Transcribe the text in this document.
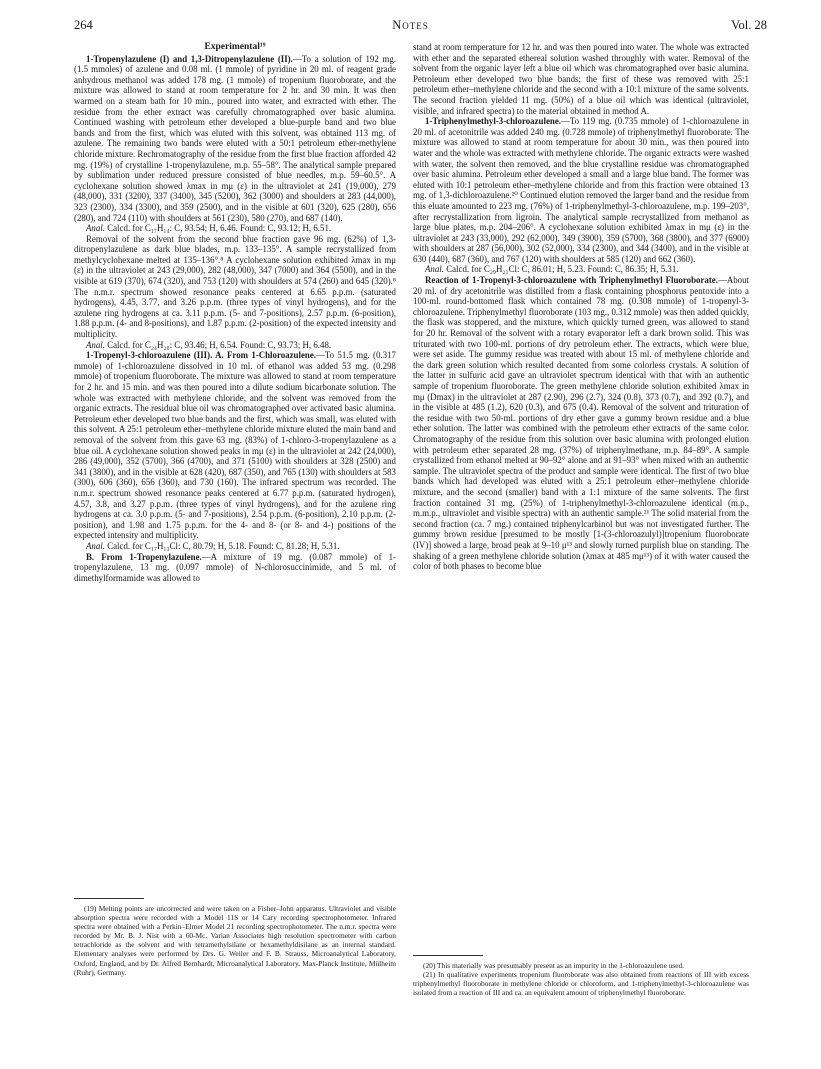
264	Notes	Vol. 28
Experimental¹⁹

1-Tropenylazulene (I) and 1,3-Ditropenylazulene (II).—To a solution of 192 mg. (1.5 mmoles) of azulene and 0.08 ml. (1 mmole) of pyridine in 20 ml. of reagent grade anhydrous methanol was added 178 mg. (1 mmole) of tropenium fluoroborate, and the mixture was allowed to stand at room temperature for 2 hr. and 30 min. It was then warmed on a steam bath for 10 min., poured into water, and extracted with ether. The residue from the ether extract was carefully chromatographed over basic alumina. Continued washing with petroleum ether developed a blue-purple band and two blue bands and from the first, which was eluted with this solvent, was obtained 113 mg. of azulene. The remaining two bands were eluted with a 50:1 petroleum ether-methylene chloride mixture. Rechromatography of the residue from the first blue fraction afforded 42 mg. (19%) of crystalline 1-tropenylazulene, m.p. 55–58°. The analytical sample prepared by sublimation under reduced pressure consisted of blue needles, m.p. 59–60.5°. A cyclohexane solution showed λmax in mμ (ε) in the ultraviolet at 241 (19,000), 279 (48,000), 331 (3200), 337 (3400), 345 (5200), 362 (3000) and shoulders at 283 (44,000), 323 (2300), 334 (3300), and 359 (2500), and in the visible at 601 (320), 625 (280), 656 (280), and 724 (110) with shoulders at 561 (230), 580 (270), and 687 (140).

Anal. Calcd. for C₁₇H₁₄: C, 93.54; H, 6.46. Found: C, 93.12; H, 6.51.

Removal of the solvent from the second blue fraction gave 96 mg. (62%) of 1,3-ditropenylazulene as dark blue blades, m.p. 133–135°. A sample recrystallized from methylcyclohexane melted at 135–136°.⁸ A cyclohexane solution exhibited λmax in mμ (ε) in the ultraviolet at 243 (29,000), 282 (48,000), 347 (7000) and 364 (5500), and in the visible at 619 (370), 674 (320), and 753 (120) with shoulders at 574 (260) and 645 (320).⁸ The n.m.r. spectrum showed resonance peaks centered at 6.65 p.p.m. (saturated hydrogens), 4.45, 3.77, and 3.26 p.p.m. (three types of vinyl hydrogens), and for the azulene ring hydrogens at ca. 3.11 p.p.m. (5- and 7-positions), 2.57 p.p.m. (6-position), 1.88 p.p.m. (4- and 8-positions), and 1.87 p.p.m. (2-position) of the expected intensity and multiplicity.

Anal. Calcd. for C₂₄H₂₀: C, 93.46; H, 6.54. Found: C, 93.73; H, 6.48.

1-Tropenyl-3-chloroazulene (III). A. From 1-Chloroazulene.—To 51.5 mg. (0.317 mmole) of 1-chloroazulene dissolved in 10 ml. of ethanol was added 53 mg. (0.298 mmole) of tropenium fluoroborate. The mixture was allowed to stand at room temperature for 2 hr. and 15 min. and was then poured into a dilute sodium bicarbonate solution. The whole was extracted with methylene chloride, and the solvent was removed from the organic extracts. The residual blue oil was chromatographed over activated basic alumina. Petroleum ether developed two blue bands and the first, which was small, was eluted with this solvent. A 25:1 petroleum ether–methylene chloride mixture eluted the main band and removal of the solvent from this gave 63 mg. (83%) of 1-chloro-3-tropenylazulene as a blue oil. A cyclohexane solution showed peaks in mμ (ε) in the ultraviolet at 242 (24,000), 286 (49,000), 352 (5700), 366 (4700), and 371 (5100) with shoulders at 328 (2500) and 341 (3800), and in the visible at 628 (420), 687 (350), and 765 (130) with shoulders at 583 (300), 606 (360), 656 (360), and 730 (160). The infrared spectrum was recorded. The n.m.r. spectrum showed resonance peaks centered at 6.77 p.p.m. (saturated hydrogen), 4.57, 3.8, and 3.27 p.p.m. (three types of vinyl hydrogens), and for the azulene ring hydrogens at ca. 3.0 p.p.m. (5- and 7-positions), 2.54 p.p.m. (6-position), 2.10 p.p.m. (2-position), and 1.98 and 1.75 p.p.m. for the 4- and 8- (or 8- and 4-) positions of the expected intensity and multiplicity.

Anal. Calcd. for C₁₇H₁₃Cl: C, 80.79; H, 5.18. Found: C, 81.28; H, 5.31.

B. From 1-Tropenylazulene.—A mixture of 19 mg. (0.087 mmole) of 1-tropenylazulene, 13 mg. (0.097 mmole) of N-chlorosuccinimide, and 5 ml. of dimethylformamide was allowed to

stand at room temperature for 12 hr. and was then poured into water. The whole was extracted with ether and the separated ethereal solution washed throughly with water. Removal of the solvent from the organic layer left a blue oil which was chromatographed over basic alumina. Petroleum ether developed two blue bands; the first of these was removed with 25:1 petroleum ether–methylene chloride and the second with a 10:1 mixture of the same solvents. The second fraction yielded 11 mg. (50%) of a blue oil which was identical (ultraviolet, visible, and infrared spectra) to the material obtained in method A.

1-Triphenylmethyl-3-chloroazulene.—To 119 mg. (0.735 mmole) of 1-chloroazulene in 20 ml. of acetonitrile was added 240 mg. (0.728 mmole) of triphenylmethyl fluoroborate. The mixture was allowed to stand at room temperature for about 30 min., was then poured into water and the whole was extracted with methylene chloride. The organic extracts were washed with water, the solvent then removed, and the blue crystalline residue was chromatographed over basic alumina. Petroleum ether developed a small and a large blue band. The former was eluted with 10:1 petroleum ether–methylene chloride and from this fraction were obtained 13 mg. of 1,3-dichloroazulene.²⁰ Continued elution removed the larger band and the residue from this eluate amounted to 223 mg. (76%) of 1-triphenylmethyl-3-chloroazulene, m.p. 199–203°, after recrystallization from ligroin. The analytical sample recrystallized from methanol as large blue plates, m.p. 204–206°. A cyclohexane solution exhibited λmax in mμ (ε) in the ultraviolet at 243 (33,000), 292 (62,000), 349 (3900), 359 (5700), 368 (3800), and 377 (6900) with shoulders at 287 (56,000), 302 (52,000), 334 (2300), and 344 (3400), and in the visible at 630 (440), 687 (360), and 767 (120) with shoulders at 585 (120) and 662 (360).

Anal. Calcd. for C₂₉H₂₁Cl: C, 86.01; H, 5.23. Found: C, 86.35; H, 5.31.

Reaction of 1-Tropenyl-3-chloroazulene with Triphenylmethyl Fluoroborate.—About 20 ml. of dry acetonitrile was distilled from a flask containing phosphorus pentoxide into a 100-ml. round-bottomed flask which contained 78 mg. (0.308 mmole) of 1-tropenyl-3-chloroazulene. Triphenylmethyl fluoroborate (103 mg., 0.312 mmole) was then added quickly, the flask was stoppered, and the mixture, which quickly turned green, was allowed to stand for 20 hr. Removal of the solvent with a rotary evaporator left a dark brown solid. This was triturated with two 100-ml. portions of dry petroleum ether. The extracts, which were blue, were set aside. The gummy residue was treated with about 15 ml. of methylene chloride and the dark green solution which resulted decanted from some colorless crystals. A solution of the latter in sulfuric acid gave an ultraviolet spectrum identical with that with an authentic sample of tropenium fluoroborate. The green methylene chloride solution exhibited λmax in mμ (Dmax) in the ultraviolet at 287 (2.90), 296 (2.7), 324 (0.8), 373 (0.7), and 392 (0.7), and in the visible at 485 (1.2), 620 (0.3), and 675 (0.4). Removal of the solvent and trituration of the residue with two 50-ml. portions of dry ether gave a gummy brown residue and a blue ether solution. The latter was combined with the petroleum ether extracts of the same color. Chromatography of the residue from this solution over basic alumina with prolonged elution with petroleum ether separated 28 mg. (37%) of triphenylmethane, m.p. 84–89°. A sample crystallized from ethanol melted at 90–92° alone and at 91–93° when mixed with an authentic sample. The ultraviolet spectra of the product and sample were identical. The first of two blue bands which had developed was eluted with a 25:1 petroleum ether–methylene chloride mixture, and the second (smaller) band with a 1:1 mixture of the same solvents. The first fraction contained 31 mg. (25%) of 1-triphenylmethyl-3-chloroazulene identical (m.p., m.m.p., ultraviolet and visible spectra) with an authentic sample.²¹ The solid material from the second fraction (ca. 7 mg.) contained triphenylcarbinol but was not investigated further. The gummy brown residue [presumed to be mostly [1-(3-chloroazulyl)]tropenium fluoroborate (IV)] showed a large, broad peak at 9–10 μ¹³ and slowly turned purplish blue on standing. The shaking of a green methylene chloride solution (λmax at 485 mμ¹³) of it with water caused the color of both phases to become blue

(19) Melting points are uncorrected and were taken on a Fisher–John apparatus. Ultraviolet and visible absorption spectra were recorded with a Model 11S or 14 Cary recording spectrophotometer. Infrared spectra were obtained with a Perkin–Elmer Model 21 recording spectrophotometer. The n.m.r. spectra were recorded by Mr. B. J. Nist with a 60-Mc. Varian Associates high resolution spectrometer with carbon tetrachloride as the solvent and with tetramethylsilane or hexamethyldisilane as an internal standard. Elementary analyses were performed by Drs. G. Weiler and F. B. Strauss, Microanalytical Laboratory, Oxford, England, and by Dr. Alfred Bernhardt, Microanalytical Laboratory, Max-Planck Institute, Mülheim (Ruhr), Germany.

(20) This materially was presumably present as an impurity in the 1-chloroazulene used.

(21) In qualitative experiments tropenium fluoroborate was also obtained from reactions of III with excess triphenylmethyl fluoroborate in methylene chloride or chloroform, and 1-triphenylmethyl-3-chloroazulene was isolated from a reaction of III and ca. an equivalent amount of triphenylmethyl fluoroborate.
